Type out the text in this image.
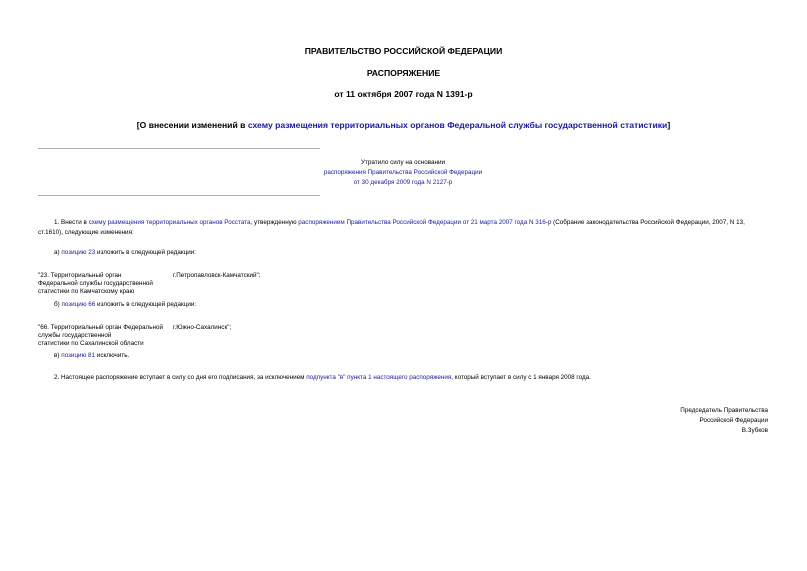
ПРАВИТЕЛЬСТВО РОССИЙСКОЙ ФЕДЕРАЦИИ
РАСПОРЯЖЕНИЕ
от 11 октября 2007 года N 1391-р
[О внесении изменений в схему размещения территориальных органов Федеральной службы государственной статистики]
Утратило силу на основании
распоряжения Правительства Российской Федерации
от 30 декабря 2009 года N 2127-р
1. Внести в схему размещения территориальных органов Росстата, утвержденную распоряжением Правительства Российской Федерации от 21 марта 2007 года N 316-р (Собрание законодательства Российской Федерации, 2007, N 13, ст.1610), следующие изменения:
а) позицию 23 изложить в следующей редакции:
"23. Территориальный орган
Федеральной службы государственной
статистики по Камчатскому краю
г.Петропавловск-Камчатский";
б) позицию 66 изложить в следующей редакции:
"66. Территориальный орган Федеральной
службы государственной
статистики по Сахалинской области
г.Южно-Сахалинск";
в) позицию 81 исключить.
2. Настоящее распоряжение вступает в силу со дня его подписания, за исключением подпункта "в" пункта 1 настоящего распоряжения, который вступает в силу с 1 января 2008 года.
Председатель Правительства
Российской Федерации
В.Зубков
